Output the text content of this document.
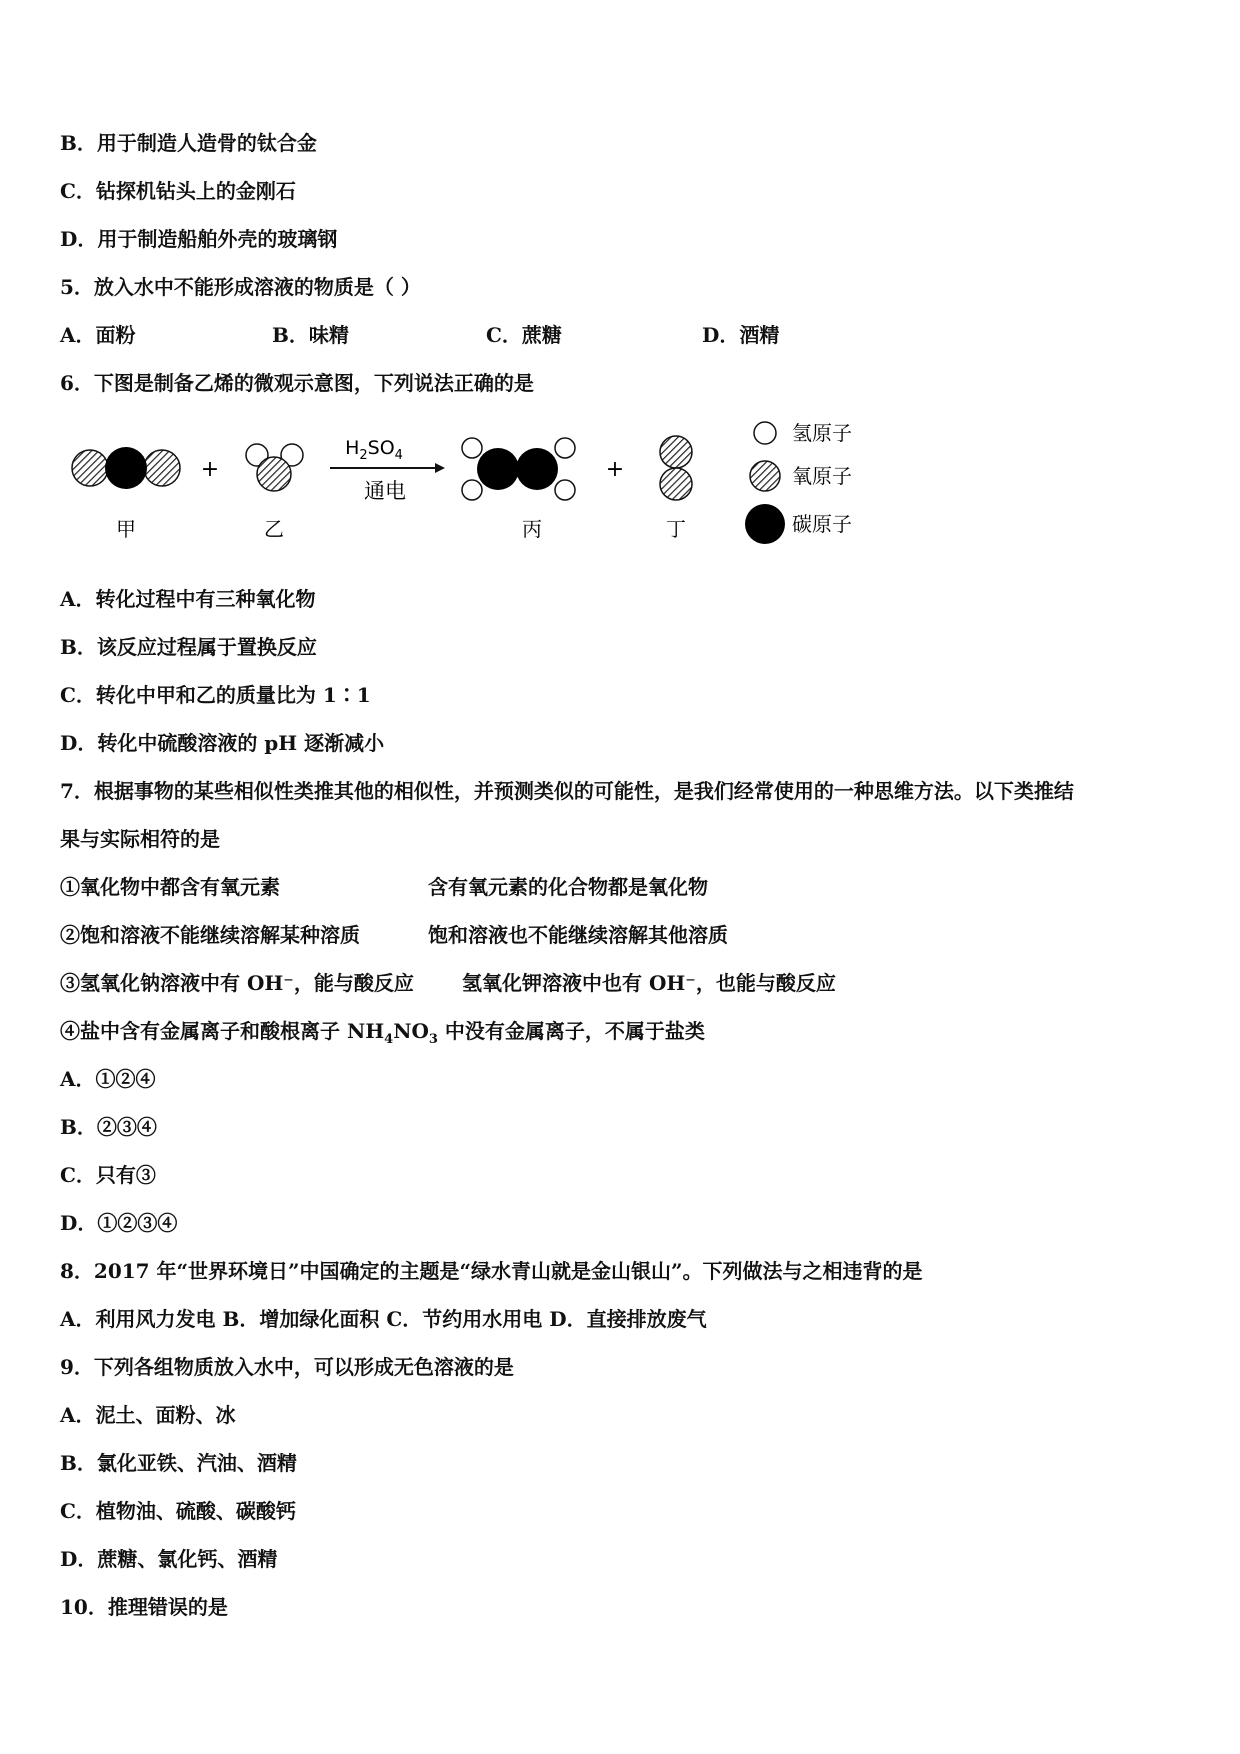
B．用于制造人造骨的钛合金
C．钻探机钻头上的金刚石
D．用于制造船舶外壳的玻璃钢
5．放入水中不能形成溶液的物质是（ ）
A．面粉	B．味精	C．蔗糖	D．酒精
6．下图是制备乙烯的微观示意图，下列说法正确的是
+
$H_2SO_4$
通电
+
甲	乙	丙	丁
氢原子
氧原子
碳原子
A．转化过程中有三种氧化物
B．该反应过程属于置换反应
C．转化中甲和乙的质量比为 1∶1
D．转化中硫酸溶液的 pH 逐渐减小
7．根据事物的某些相似性类推其他的相似性，并预测类似的可能性，是我们经常使用的一种思维方法。以下类推结
果与实际相符的是
①氧化物中都含有氧元素	含有氧元素的化合物都是氧化物
②饱和溶液不能继续溶解某种溶质	饱和溶液也不能继续溶解其他溶质
③氢氧化钠溶液中有 OH⁻，能与酸反应 氢氧化钾溶液中也有 OH⁻，也能与酸反应
④盐中含有金属离子和酸根离子 $NH_4NO_3$ 中没有金属离子，不属于盐类
A．①②④
B．②③④
C．只有③
D．①②③④
8．2017 年“世界环境日”中国确定的主题是“绿水青山就是金山银山”。下列做法与之相违背的是
A．利用风力发电 B．增加绿化面积 C．节约用水用电 D．直接排放废气
9．下列各组物质放入水中，可以形成无色溶液的是
A．泥土、面粉、冰
B．氯化亚铁、汽油、酒精
C．植物油、硫酸、碳酸钙
D．蔗糖、氯化钙、酒精
10．推理错误的是
